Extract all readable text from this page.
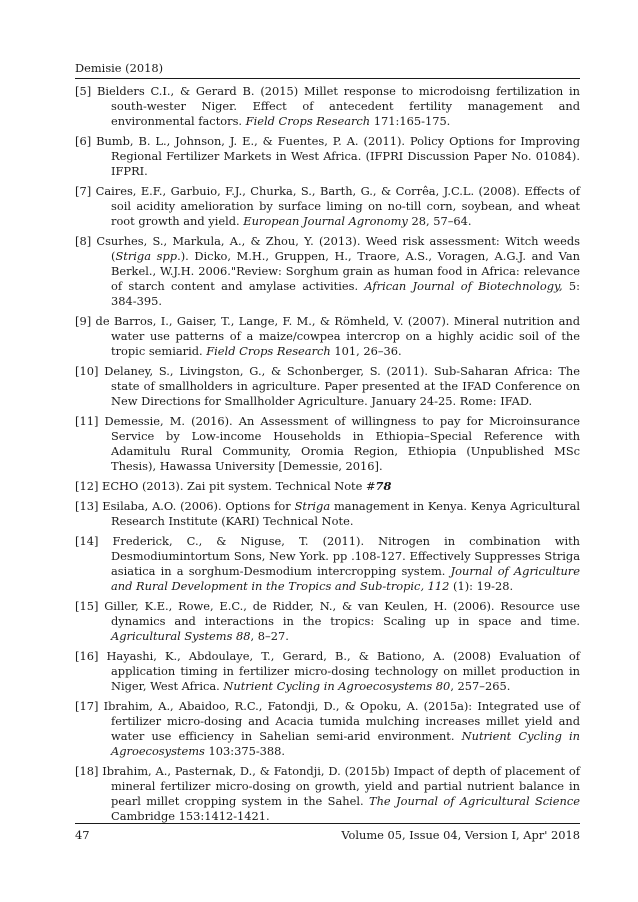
Demisie (2018)

[5] Bielders C.I., & Gerard B. (2015) Millet response to microdoisng fertilization in south-wester Niger. Effect of antecedent fertility management and environmental factors. Field Crops Research 171:165-175.

[6] Bumb, B. L., Johnson, J. E., & Fuentes, P. A. (2011). Policy Options for Improving Regional Fertilizer Markets in West Africa. (IFPRI Discussion Paper No. 01084). IFPRI.

[7] Caires, E.F., Garbuio, F.J., Churka, S., Barth, G., & Corrêa, J.C.L. (2008). Effects of soil acidity amelioration by surface liming on no-till corn, soybean, and wheat root growth and yield. European Journal Agronomy 28, 57–64.

[8] Csurhes, S., Markula, A., & Zhou, Y. (2013). Weed risk assessment: Witch weeds (Striga spp.). Dicko, M.H., Gruppen, H., Traore, A.S., Voragen, A.G.J. and Van Berkel., W.J.H. 2006."Review: Sorghum grain as human food in Africa: relevance of starch content and amylase activities. African Journal of Biotechnology, 5: 384-395.

[9] de Barros, I., Gaiser, T., Lange, F. M., & Römheld, V. (2007). Mineral nutrition and water use patterns of a maize/cowpea intercrop on a highly acidic soil of the tropic semiarid. Field Crops Research 101, 26–36.

[10] Delaney, S., Livingston, G., & Schonberger, S. (2011). Sub-Saharan Africa: The state of smallholders in agriculture. Paper presented at the IFAD Conference on New Directions for Smallholder Agriculture. January 24-25. Rome: IFAD.

[11] Demessie, M. (2016). An Assessment of willingness to pay for Microinsurance Service by Low-income Households in Ethiopia–Special Reference with Adamitulu Rural Community, Oromia Region, Ethiopia (Unpublished MSc Thesis), Hawassa University [Demessie, 2016].

[12] ECHO (2013). Zai pit system. Technical Note #78

[13] Esilaba, A.O. (2006). Options for Striga management in Kenya. Kenya Agricultural Research Institute (KARI) Technical Note.

[14] Frederick, C., & Niguse, T. (2011). Nitrogen in combination with Desmodiumintortum Sons, New York. pp .108-127. Effectively Suppresses Striga asiatica in a sorghum-Desmodium intercropping system. Journal of Agriculture and Rural Development in the Tropics and Sub-tropic, 112 (1): 19-28.

[15] Giller, K.E., Rowe, E.C., de Ridder, N., & van Keulen, H. (2006). Resource use dynamics and interactions in the tropics: Scaling up in space and time. Agricultural Systems 88, 8–27.

[16] Hayashi, K., Abdoulaye, T., Gerard, B., & Bationo, A. (2008) Evaluation of application timing in fertilizer micro-dosing technology on millet production in Niger, West Africa. Nutrient Cycling in Agroecosystems 80, 257–265.

[17] Ibrahim, A., Abaidoo, R.C., Fatondji, D., & Opoku, A. (2015a): Integrated use of fertilizer micro-dosing and Acacia tumida mulching increases millet yield and water use efficiency in Sahelian semi-arid environment. Nutrient Cycling in Agroecosystems 103:375-388.

[18] Ibrahim, A., Pasternak, D., & Fatondji, D. (2015b) Impact of depth of placement of mineral fertilizer micro-dosing on growth, yield and partial nutrient balance in pearl millet cropping system in the Sahel. The Journal of Agricultural Science Cambridge 153:1412-1421.

47	Volume 05, Issue 04, Version I, Apr' 2018
